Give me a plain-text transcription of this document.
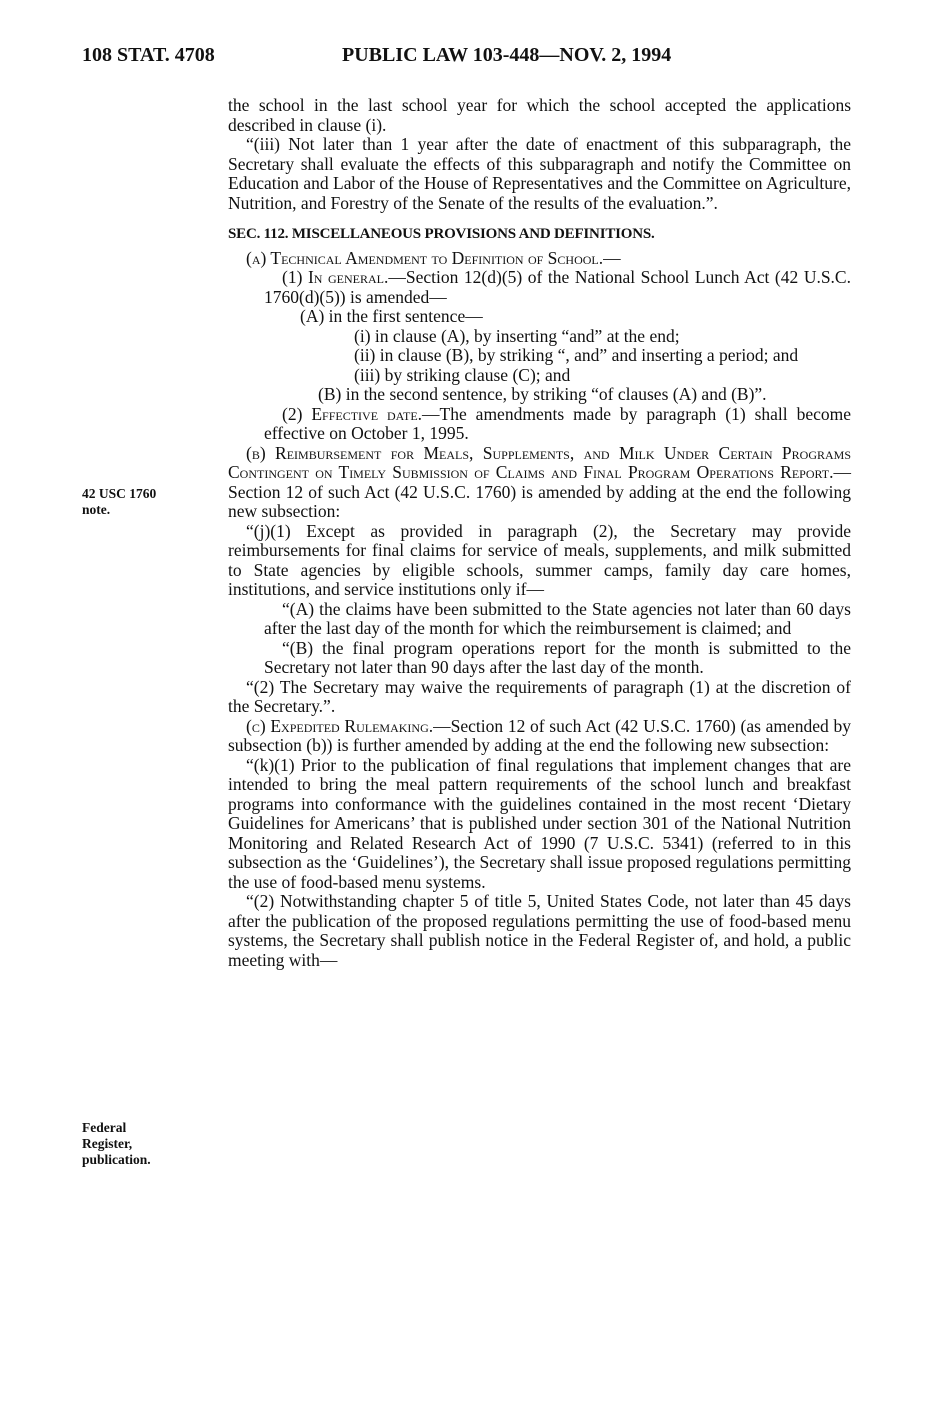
108 STAT. 4708	PUBLIC LAW 103-448—NOV. 2, 1994
42 USC 1760
note.
Federal
Register,
publication.

the school in the last school year for which the school accepted the applications described in clause (i).

“(iii) Not later than 1 year after the date of enactment of this subparagraph, the Secretary shall evaluate the effects of this subparagraph and notify the Committee on Education and Labor of the House of Representatives and the Committee on Agriculture, Nutrition, and Forestry of the Senate of the results of the evaluation.”.

SEC. 112. MISCELLANEOUS PROVISIONS AND DEFINITIONS.

(a) Technical Amendment to Definition of School.—

(1) In general.—Section 12(d)(5) of the National School Lunch Act (42 U.S.C. 1760(d)(5)) is amended—

(A) in the first sentence—

(i) in clause (A), by inserting “and” at the end;

(ii) in clause (B), by striking “, and” and inserting a period; and

(iii) by striking clause (C); and

(B) in the second sentence, by striking “of clauses (A) and (B)”.

(2) Effective date.—The amendments made by paragraph (1) shall become effective on October 1, 1995.

(b) Reimbursement for Meals, Supplements, and Milk Under Certain Programs Contingent on Timely Submission of Claims and Final Program Operations Report.—Section 12 of such Act (42 U.S.C. 1760) is amended by adding at the end the following new subsection:

“(j)(1) Except as provided in paragraph (2), the Secretary may provide reimbursements for final claims for service of meals, supplements, and milk submitted to State agencies by eligible schools, summer camps, family day care homes, institutions, and service institutions only if—

“(A) the claims have been submitted to the State agencies not later than 60 days after the last day of the month for which the reimbursement is claimed; and

“(B) the final program operations report for the month is submitted to the Secretary not later than 90 days after the last day of the month.

“(2) The Secretary may waive the requirements of paragraph (1) at the discretion of the Secretary.”.

(c) Expedited Rulemaking.—Section 12 of such Act (42 U.S.C. 1760) (as amended by subsection (b)) is further amended by adding at the end the following new subsection:

“(k)(1) Prior to the publication of final regulations that implement changes that are intended to bring the meal pattern requirements of the school lunch and breakfast programs into conformance with the guidelines contained in the most recent ‘Dietary Guidelines for Americans’ that is published under section 301 of the National Nutrition Monitoring and Related Research Act of 1990 (7 U.S.C. 5341) (referred to in this subsection as the ‘Guidelines’), the Secretary shall issue proposed regulations permitting the use of food-based menu systems.

“(2) Notwithstanding chapter 5 of title 5, United States Code, not later than 45 days after the publication of the proposed regulations permitting the use of food-based menu systems, the Secretary shall publish notice in the Federal Register of, and hold, a public meeting with—
